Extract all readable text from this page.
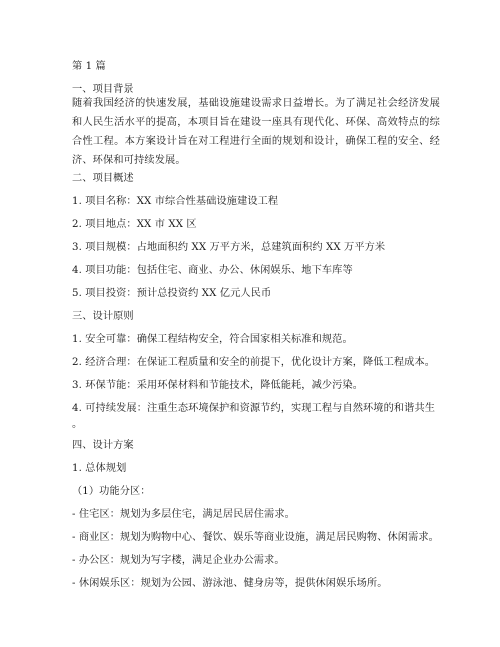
第 1 篇
一、项目背景
随着我国经济的快速发展，基础设施建设需求日益增长。为了满足社会经济发展和人民生活水平的提高，本项目旨在建设一座具有现代化、环保、高效特点的综合性工程。本方案设计旨在对工程进行全面的规划和设计，确保工程的安全、经济、环保和可持续发展。
二、项目概述
1. 项目名称：XX 市综合性基础设施建设工程
2. 项目地点：XX 市 XX 区
3. 项目规模：占地面积约 XX 万平方米，总建筑面积约 XX 万平方米
4. 项目功能：包括住宅、商业、办公、休闲娱乐、地下车库等
5. 项目投资：预计总投资约 XX 亿元人民币
三、设计原则
1. 安全可靠：确保工程结构安全，符合国家相关标准和规范。
2. 经济合理：在保证工程质量和安全的前提下，优化设计方案，降低工程成本。
3. 环保节能：采用环保材料和节能技术，降低能耗，减少污染。
4. 可持续发展：注重生态环境保护和资源节约，实现工程与自然环境的和谐共生
。
四、设计方案
1. 总体规划
（1）功能分区：
- 住宅区：规划为多层住宅，满足居民居住需求。
- 商业区：规划为购物中心、餐饮、娱乐等商业设施，满足居民购物、休闲需求。
- 办公区：规划为写字楼，满足企业办公需求。
- 休闲娱乐区：规划为公园、游泳池、健身房等，提供休闲娱乐场所。
